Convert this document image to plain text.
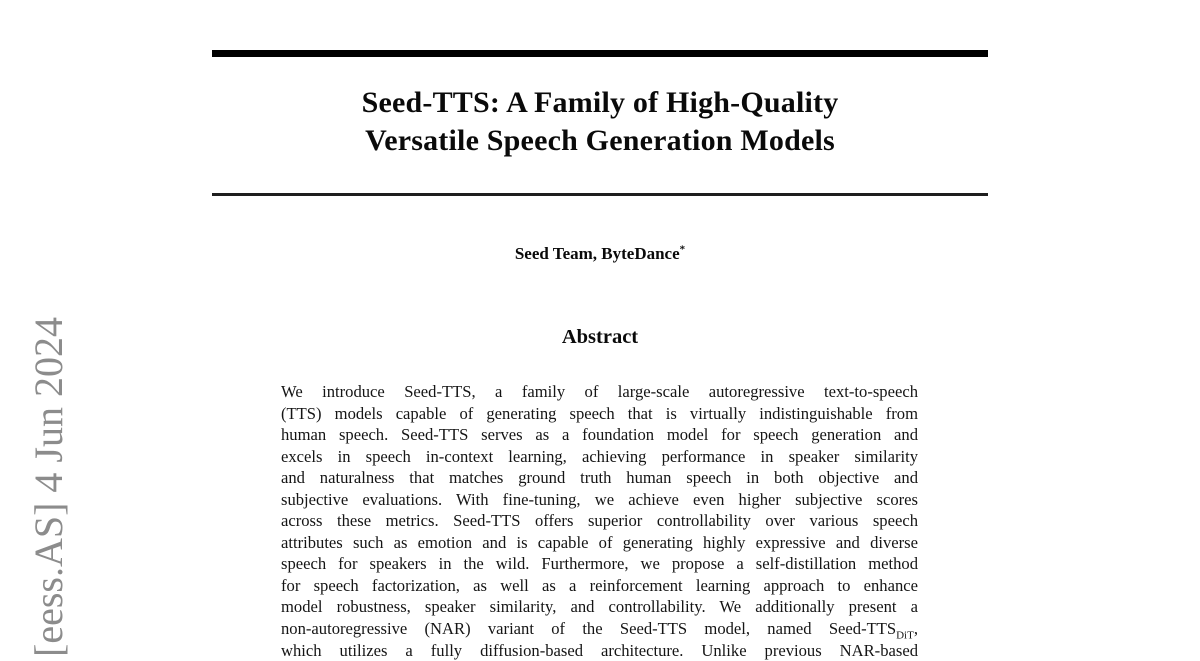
[eess.AS] 4 Jun 2024
Seed-TTS: A Family of High-Quality
Versatile Speech Generation Models
Seed Team, ByteDance*
Abstract
We introduce Seed-TTS, a family of large-scale autoregressive text-to-speech
(TTS) models capable of generating speech that is virtually indistinguishable from
human speech. Seed-TTS serves as a foundation model for speech generation and
excels in speech in-context learning, achieving performance in speaker similarity
and naturalness that matches ground truth human speech in both objective and
subjective evaluations. With fine-tuning, we achieve even higher subjective scores
across these metrics. Seed-TTS offers superior controllability over various speech
attributes such as emotion and is capable of generating highly expressive and diverse
speech for speakers in the wild. Furthermore, we propose a self-distillation method
for speech factorization, as well as a reinforcement learning approach to enhance
model robustness, speaker similarity, and controllability. We additionally present a
non-autoregressive (NAR) variant of the Seed-TTS model, named Seed-$TTS_{DiT}$,
which utilizes a fully diffusion-based architecture. Unlike previous NAR-based
